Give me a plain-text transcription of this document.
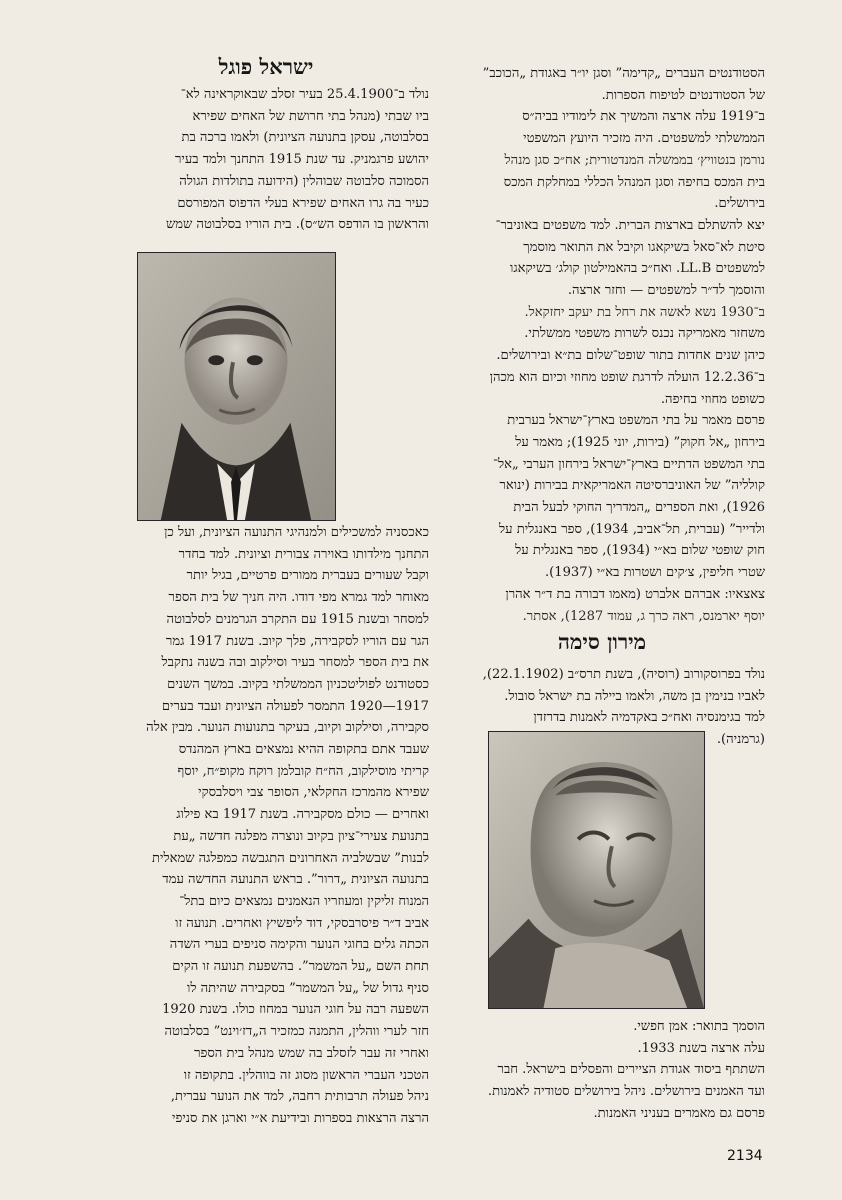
ישראל פוגל

נולד ב־25.4.1900 בעיר זסלב שבאוקראינה לא־

ביו שבתי (מנהל בתי חרושת של האחים שפירא

בסלבוטה, עסקן בתנועה הציונית) ולאמו ברכה בת

יהושע פרגמניק. עד שנת 1915 התחנך ולמד בעיר

הסמוכה סלבוטה שבוהלין (הידועה בתולדות הגולה

כעיר בה גרו האחים שפירא בעלי הדפוס המפורסם

והראשון בו הודפס הש״ס). בית הוריו בסלבוטה שמש

כאכסניה למשכילים ולמנהיגי התנועה הציונית, ועל כן

התחנך מילדותו באוירה צבורית וציונית. למד בחדר

וקבל שעורים בעברית ממורים פרטיים, בגיל יותר

מאוחר למד גמרא מפי דודו. היה חניך של בית הספר

למסחר ובשנת 1915 עם התקרב הגרמנים לסלבוטה

הגר עם הוריו לסקבירה, פלך קיוב. בשנת 1917 גמר

את בית הספר למסחר בעיר וסילקוב ובה בשנה נתקבל

כסטודנט לפוליטכניון הממשלתי בקיוב. במשך השנים

1917—1920 התמסר לפעולה הציונית ועבד בערים

סקבירה, וסילקוב וקיוב, בעיקר בתנועות הנוער. מבין אלה

שעבד אתם בתקופה ההיא נמצאים בארץ המהנדס

קריתי מוסילקוב, הח״ח קובלמן רוקח מקופ״ח, יוסף

שפירא מהמרכז החקלאי, הסופר צבי ויסלבסקי

ואחרים — כולם מסקבירה. בשנת 1917 בא פילוג

בתנועת צעירי־ציון בקיוב ונוצרה מפלגה חדשה „עת

לבנות” שבשלביה האחרונים התגבשה כמפלגה שמאלית

בתנועה הציונית „דרור”. בראש התנועה החדשה עמד

המנוח זליקין ומעוזריו הנאמנים נמצאים כיום בתל־

אביב ד״ר פיסרבסקי, דוד ליפשיץ ואחרים. תנועה זו

הכתה גלים בחוגי הנוער והקימה סניפים בערי השדה

תחת השם „על המשמר”. בהשפעת תנועה זו הקים

סניף גדול של „על המשמר” בסקבירה שהיתה לו

השפעה רבה על חוגי הנוער במחוז כולו. בשנת 1920

חזר לערי ווהלין, התמנה כמזכיר ה„דז׳וינט” בסלבוטה

ואחרי זה עבר לזסלב בה שמש מנהל בית הספר

הטכני העברי הראשון מסוג זה בווהלין. בתקופה זו

ניהל פעולה תרבותית רחבה, למד את הנוער עברית,

הרצה הרצאות בספרות ובידיעת א״י וארגן את סניפי

הסטודנטים העברים „קדימה” וסגן יו״ר באגודת „הכוכב”

של הסטודנטים לטיפוח הספרות.

ב־1919 עלה ארצה והמשיך את לימודיו בביה״ס

הממשלתי למשפטים. היה מזכיר היועץ המשפטי

נורמן בנטוויץ׳ בממשלה המנדטורית; אח״כ סגן מנהל

בית המכס בחיפה וסגן המנהל הכללי במחלקת המכס

בירושלים.

יצא להשתלם בארצות הברית. למד משפטים באוניבר־

סיטת לא־סאל בשיקאגו וקיבל את התואר מוסמך

למשפטים LL.B. ואח״כ בהאמילטון קולג׳ בשיקאגו

והוסמך לד״ר למשפטים — וחזר ארצה.

ב־1930 נשא לאשה את רחל בת יעקב יחזקאל.

משחזר מאמריקה נכנס לשרות משפטי ממשלתי.

כיהן שנים אחדות בתור שופט־שלום בת״א ובירושלים.

ב־12.2.36 הועלה לדרגת שופט מחוזי וכיום הוא מכהן

כשופט מחוזי בחיפה.

פרסם מאמר על בתי המשפט בארץ־ישראל בערבית

בירחון „אל חקוק” (בירות, יוני 1925); מאמר על

בתי המשפט הדתיים בארץ־ישראל בירחון הערבי „אל־

קולליה” של האוניברסיטה האמריקאית בבירות (ינואר

1926), ואת הספרים „המדריך החוקי לבעל הבית

ולדייר” (עברית, תל־אביב, 1934), ספר באנגלית על

חוק שופטי שלום בא״י (1934), ספר באנגלית על

שטרי חליפין, צ׳קים ושטרות בא״י (1937).

צאצאיו: אברהם אלברט (מאמו דבורה בת ד״ר אהרן

יוסף יארמנס, ראה כרך ג, עמוד 1287), אסתר.

מירון סימה

נולד בפרוסקורוב (רוסיה), בשנת תרס״ב (22.1.1902),

לאביו בנימין בן משה, ולאמו ביילה בת ישראל סובול.

למד בגימנסיה ואח״כ באקדמיה לאמנות בדרזדן

(גרמניה).

הוסמך בתואר: אמן חפשי.

עלה ארצה בשנת 1933.

השתתף ביסוד אגודת הציירים והפסלים בישראל. חבר

ועד האמנים בירושלים. ניהל בירושלים סטודיה לאמנות.

פרסם גם מאמרים בעניני האמנות.

2134
